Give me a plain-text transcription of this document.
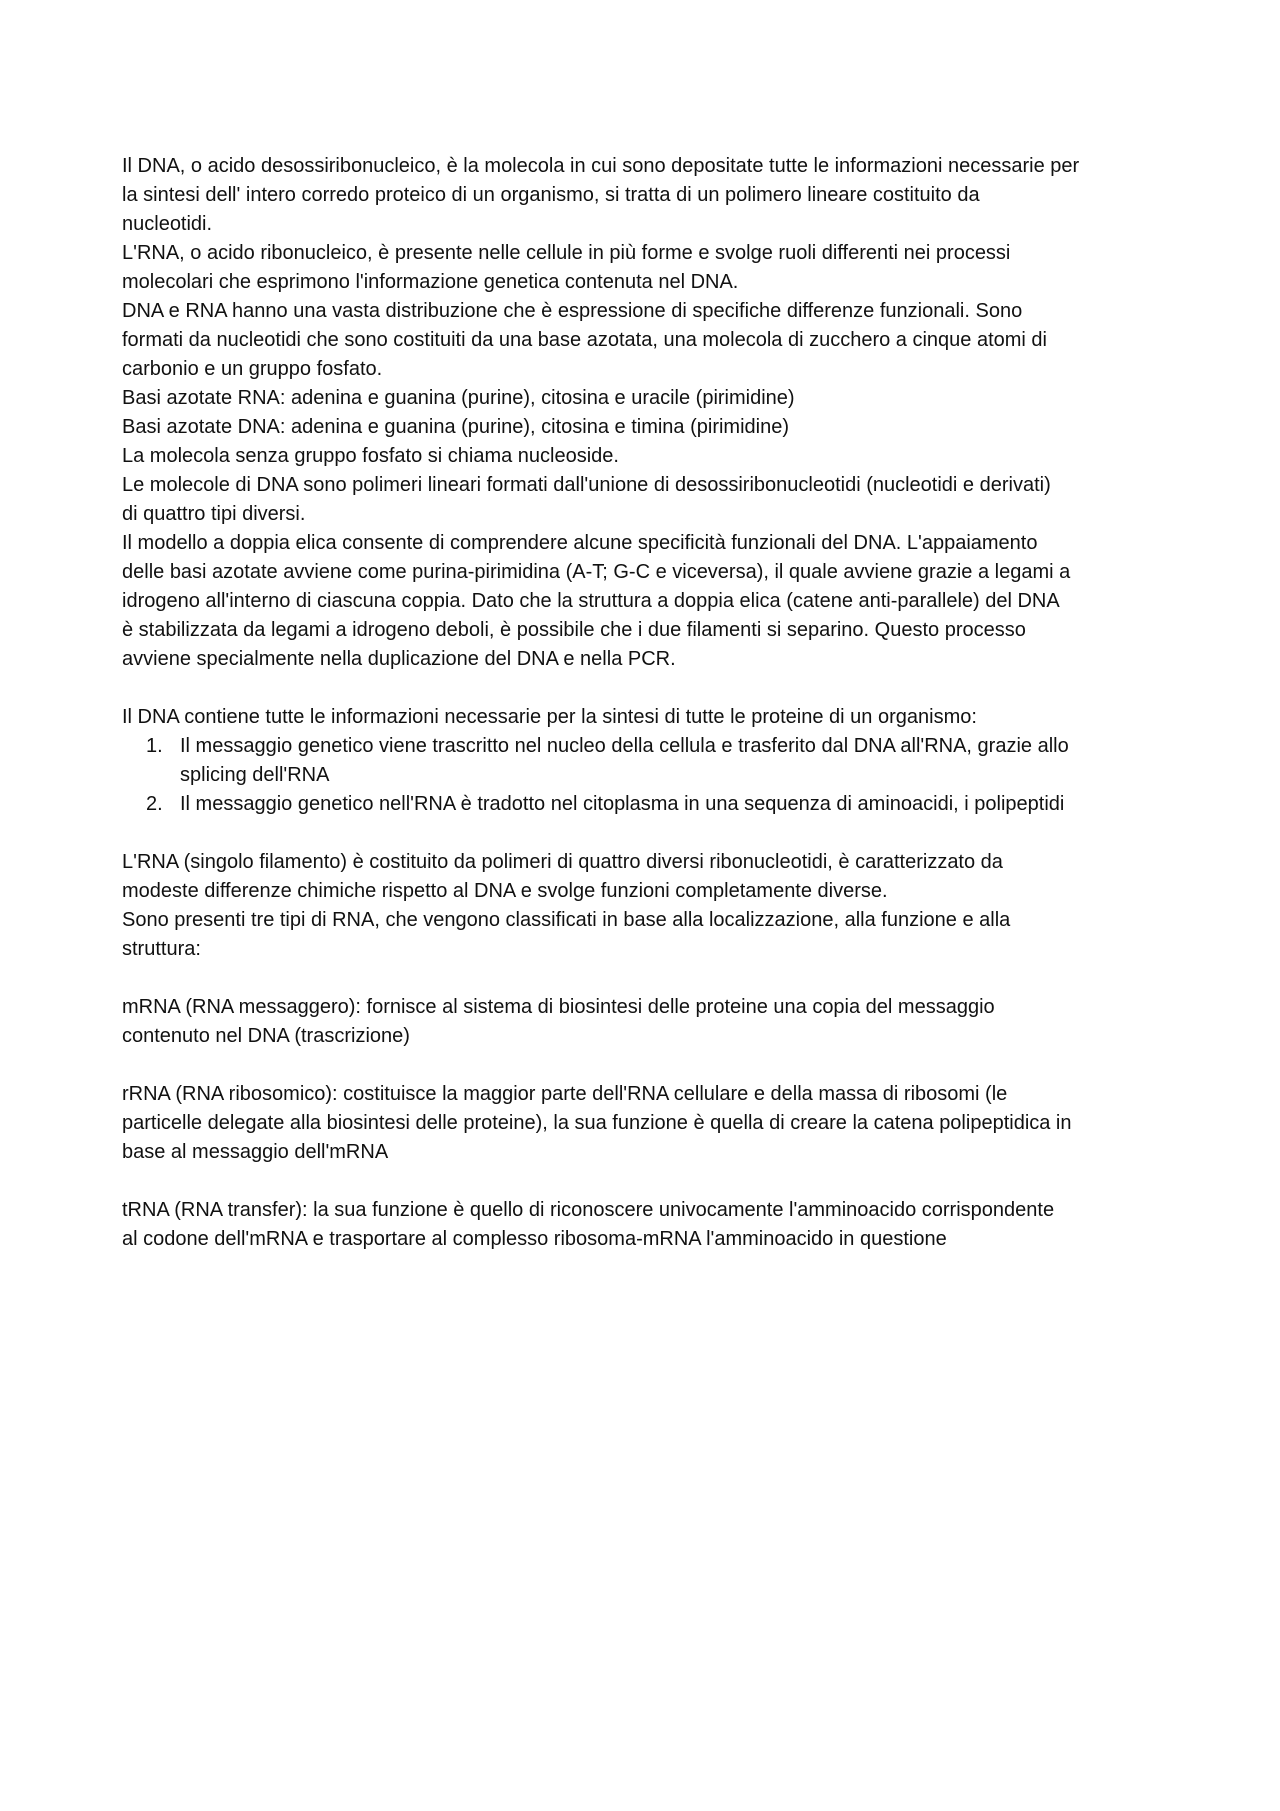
Il DNA, o acido desossiribonucleico, è la molecola in cui sono depositate tutte le informazioni necessarie per

la sintesi dell' intero corredo proteico di un organismo, si tratta di un polimero lineare costituito da

nucleotidi.

L'RNA, o acido ribonucleico, è presente nelle cellule in più forme e svolge ruoli differenti nei processi

molecolari che esprimono l'informazione genetica contenuta nel DNA.

DNA e RNA hanno una vasta distribuzione che è espressione di specifiche differenze funzionali. Sono

formati da nucleotidi che sono costituiti da una base azotata, una molecola di zucchero a cinque atomi di

carbonio e un gruppo fosfato.

Basi azotate RNA: adenina e guanina (purine), citosina e uracile (pirimidine)

Basi azotate DNA: adenina e guanina (purine), citosina e timina (pirimidine)

La molecola senza gruppo fosfato si chiama nucleoside.

Le molecole di DNA sono polimeri lineari formati dall'unione di desossiribonucleotidi (nucleotidi e derivati)

di quattro tipi diversi.

Il modello a doppia elica consente di comprendere alcune specificità funzionali del DNA. L'appaiamento

delle basi azotate avviene come purina-pirimidina (A-T; G-C e viceversa), il quale avviene grazie a legami a

idrogeno all'interno di ciascuna coppia. Dato che la struttura a doppia elica (catene anti-parallele) del DNA

è stabilizzata da legami a idrogeno deboli, è possibile che i due filamenti si separino. Questo processo

avviene specialmente nella duplicazione del DNA e nella PCR.

Il DNA contiene tutte le informazioni necessarie per la sintesi di tutte le proteine di un organismo:

1. Il messaggio genetico viene trascritto nel nucleo della cellula e trasferito dal DNA all'RNA, grazie allo

splicing dell'RNA

2. Il messaggio genetico nell'RNA è tradotto nel citoplasma in una sequenza di aminoacidi, i polipeptidi

L'RNA (singolo filamento) è costituito da polimeri di quattro diversi ribonucleotidi, è caratterizzato da

modeste differenze chimiche rispetto al DNA e svolge funzioni completamente diverse.

Sono presenti tre tipi di RNA, che vengono classificati in base alla localizzazione, alla funzione e alla

struttura:

mRNA (RNA messaggero): fornisce al sistema di biosintesi delle proteine una copia del messaggio

contenuto nel DNA (trascrizione)

rRNA (RNA ribosomico): costituisce la maggior parte dell'RNA cellulare e della massa di ribosomi (le

particelle delegate alla biosintesi delle proteine), la sua funzione è quella di creare la catena polipeptidica in

base al messaggio dell'mRNA

tRNA (RNA transfer): la sua funzione è quello di riconoscere univocamente l'amminoacido corrispondente

al codone dell'mRNA e trasportare al complesso ribosoma-mRNA l'amminoacido in questione
